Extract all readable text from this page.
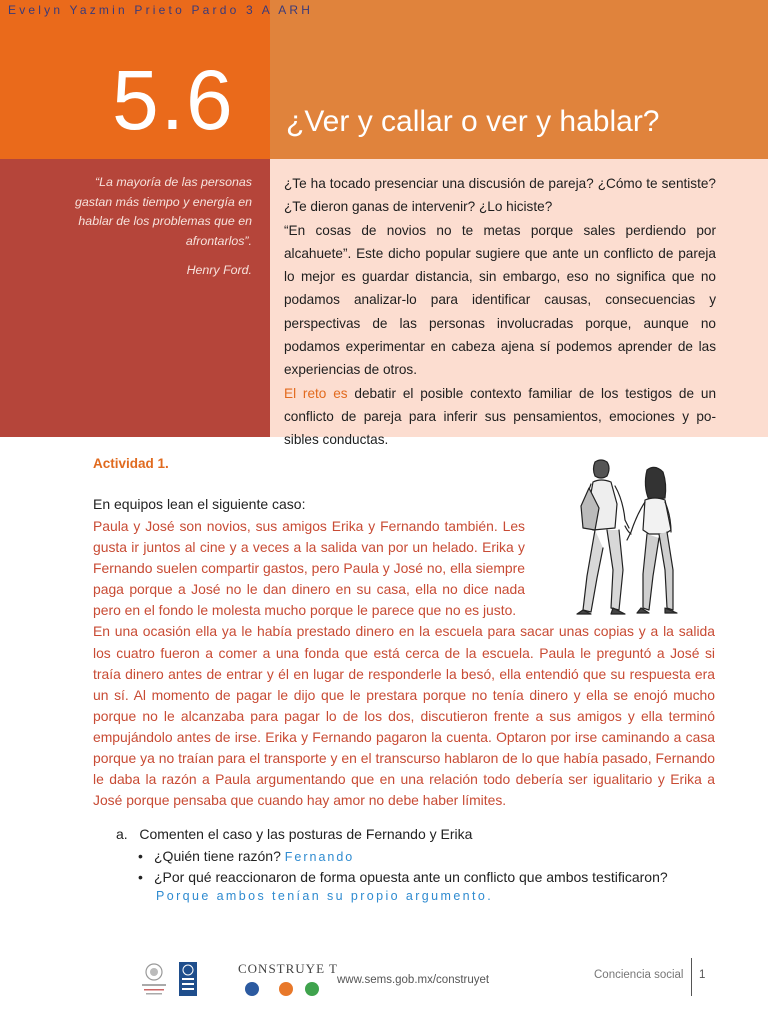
Evelyn Yazmin Prieto Pardo 3 A ARH
5.6 ¿Ver y callar o ver y hablar?
“La mayoría de las personas gastan más tiempo y energía en hablar de los problemas que en afrontarlos”.
Henry Ford.

¿Te ha tocado presenciar una discusión de pareja? ¿Cómo te sentiste? ¿Te dieron ganas de intervenir? ¿Lo hiciste?

“En cosas de novios no te metas porque sales perdiendo por alcahuete”. Este dicho popular sugiere que ante un conflicto de pareja lo mejor es guardar distancia, sin embargo, eso no significa que no podamos analizar-lo para identificar causas, consecuencias y perspectivas de las personas involucradas porque, aunque no podamos experimentar en cabeza ajena sí podemos aprender de las experiencias de otros.

El reto es debatir el posible contexto familiar de los testigos de un conflicto de pareja para inferir sus pensamientos, emociones y po-sibles conductas.

Actividad 1.
En equipos lean el siguiente caso:

Paula y José son novios, sus amigos Erika y Fernando también. Les gusta ir juntos al cine y a veces a la salida van por un helado. Erika y Fernando suelen compartir gastos, pero Paula y José no, ella siempre paga porque a José no le dan dinero en su casa, ella no dice nada pero en el fondo le molesta mucho porque le parece que no es justo.

En una ocasión ella ya le había prestado dinero en la escuela para sacar unas copias y a la salida los cuatro fueron a comer a una fonda que está cerca de la escuela. Paula le preguntó a José si traía dinero antes de entrar y él en lugar de responderle la besó, ella entendió que su respuesta era un sí. Al momento de pagar le dijo que le prestara porque no tenía dinero y ella se enojó mucho porque no le alcanzaba para pagar lo de los dos, discutieron frente a sus amigos y ella terminó empujándolo antes de irse. Erika y Fernando pagaron la cuenta. Optaron por irse caminando a casa porque ya no traían para el transporte y en el transcurso hablaron de lo que había pasado, Fernando le daba la razón a Paula argumentando que en una relación todo debería ser igualitario y Erika a José porque pensaba que cuando hay amor no debe haber límites.

a. Comenten el caso y las posturas de Fernando y Erika
• ¿Quién tiene razón? Fernando
• ¿Por qué reaccionaron de forma opuesta ante un conflicto que ambos testificaron?
Porque ambos tenían su propio argumento.
CONSTRUYE T
www.sems.gob.mx/construyet	Conciencia social 1
